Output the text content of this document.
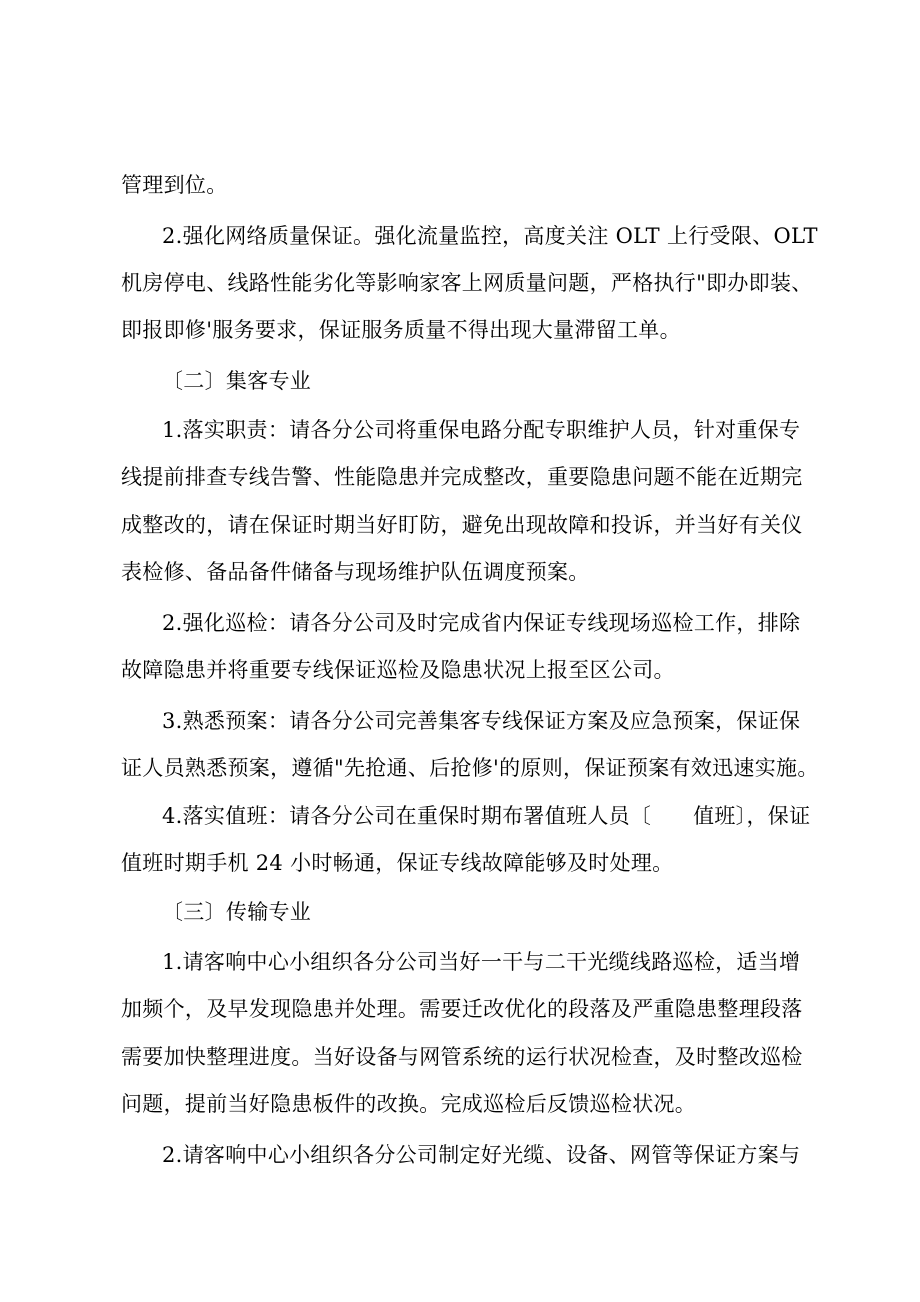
管理到位。
2.强化网络质量保证。强化流量监控，高度关注 OLT 上行受限、OLT
机房停电、线路性能劣化等影响家客上网质量问题，严格执行"即办即装、
即报即修'服务要求，保证服务质量不得出现大量滞留工单。
〔二〕集客专业
1.落实职责：请各分公司将重保电路分配专职维护人员，针对重保专
线提前排查专线告警、性能隐患并完成整改，重要隐患问题不能在近期完
成整改的，请在保证时期当好盯防，避免出现故障和投诉，并当好有关仪
表检修、备品备件储备与现场维护队伍调度预案。
2.强化巡检：请各分公司及时完成省内保证专线现场巡检工作，排除
故障隐患并将重要专线保证巡检及隐患状况上报至区公司。
3.熟悉预案：请各分公司完善集客专线保证方案及应急预案，保证保
证人员熟悉预案，遵循"先抢通、后抢修'的原则，保证预案有效迅速实施。
4.落实值班：请各分公司在重保时期布署值班人员〔      值班〕，保证
值班时期手机 24 小时畅通，保证专线故障能够及时处理。
〔三〕传输专业
1.请客响中心小组织各分公司当好一干与二干光缆线路巡检，适当增
加频个，及早发现隐患并处理。需要迁改优化的段落及严重隐患整理段落
需要加快整理进度。当好设备与网管系统的运行状况检查，及时整改巡检
问题，提前当好隐患板件的改换。完成巡检后反馈巡检状况。
2.请客响中心小组织各分公司制定好光缆、设备、网管等保证方案与
